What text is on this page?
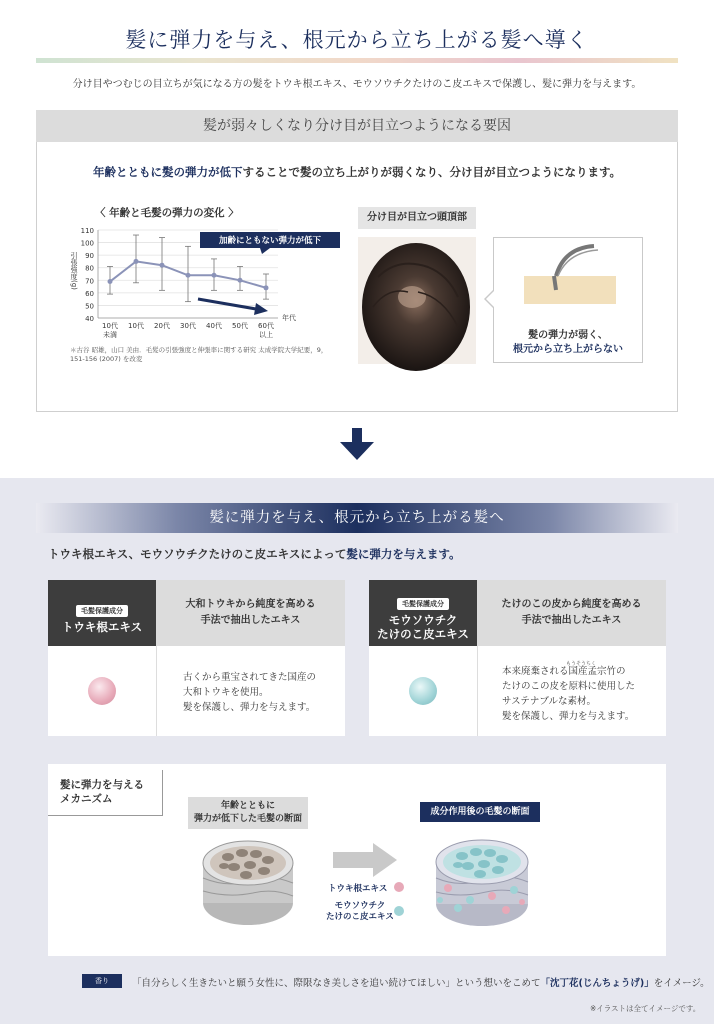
髪に弾力を与え、根元から立ち上がる髪へ導く
分け目やつむじの目立ちが気になる方の髪をトウキ根エキス、モウソウチクたけのこ皮エキスで保護し、髪に弾力を与えます。
髪が弱々しくなり分け目が目立つようになる要因
年齢とともに髪の弾力が低下することで髪の立ち上がりが弱くなり、分け目が目立つようになります。
〈 年齢と毛髪の弾力の変化 〉
40
50
60
70
80
90
100
110
引張強度(g)
10代
未満
10代 20代 30代 40代 50代 60代
以上
年代
加齢にともない弾力が低下
＊古谷 昭雄，山口 美由．毛髪の引張強度と伸張率に関する研究 太成学院大学紀要，9，151-156 (2007) を改変
分け目が目立つ頭頂部
髪の弾力が弱く、
根元から立ち上がらない
髪に弾力を与え、根元から立ち上がる髪へ
トウキ根エキス、モウソウチクたけのこ皮エキスによって髪に弾力を与えます。
毛髪保護成分
トウキ根エキス
大和トウキから純度を高める
手法で抽出したエキス
古くから重宝されてきた国産の
大和トウキを使用。
髪を保護し、弾力を与えます。
毛髪保護成分
モウソウチク
たけのこ皮エキス
たけのこの皮から純度を高める
手法で抽出したエキス
もうそうちく
本来廃棄される国産孟宗竹の
たけのこの皮を原料に使用した
サステナブルな素材。
髪を保護し、弾力を与えます。
髪に弾力を与える
メカニズム
年齢とともに
弾力が低下した毛髪の断面
成分作用後の毛髪の断面
トウキ根エキス
モウソウチク
たけのこ皮エキス
香り	「自分らしく生きたいと願う女性に、際限なき美しさを追い続けてほしい」という想いをこめて「沈丁花(じんちょうげ)」をイメージ。
※イラストは全てイメージです。
